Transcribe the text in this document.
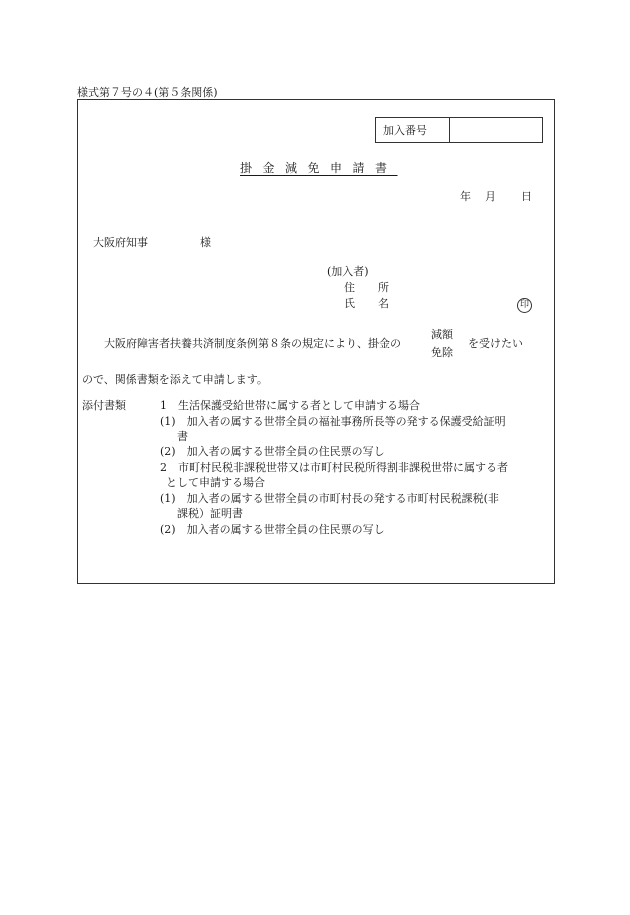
様式第７号の４(第５条関係)
加入番号
掛金減免申請書
年 月 日
大阪府知事	様
(加入者)
住 所
氏 名	印
大阪府障害者扶養共済制度条例第８条の規定により、掛金の
減額
免除
を受けたい
ので、関係書類を添えて申請します。
添付書類	1　生活保護受給世帯に属する者として申請する場合
(1)　加入者の属する世帯全員の福祉事務所長等の発する保護受給証明
書
(2)　加入者の属する世帯全員の住民票の写し
2　市町村民税非課税世帯又は市町村民税所得割非課税世帯に属する者
として申請する場合
(1)　加入者の属する世帯全員の市町村長の発する市町村民税課税(非
課税）証明書
(2)　加入者の属する世帯全員の住民票の写し
